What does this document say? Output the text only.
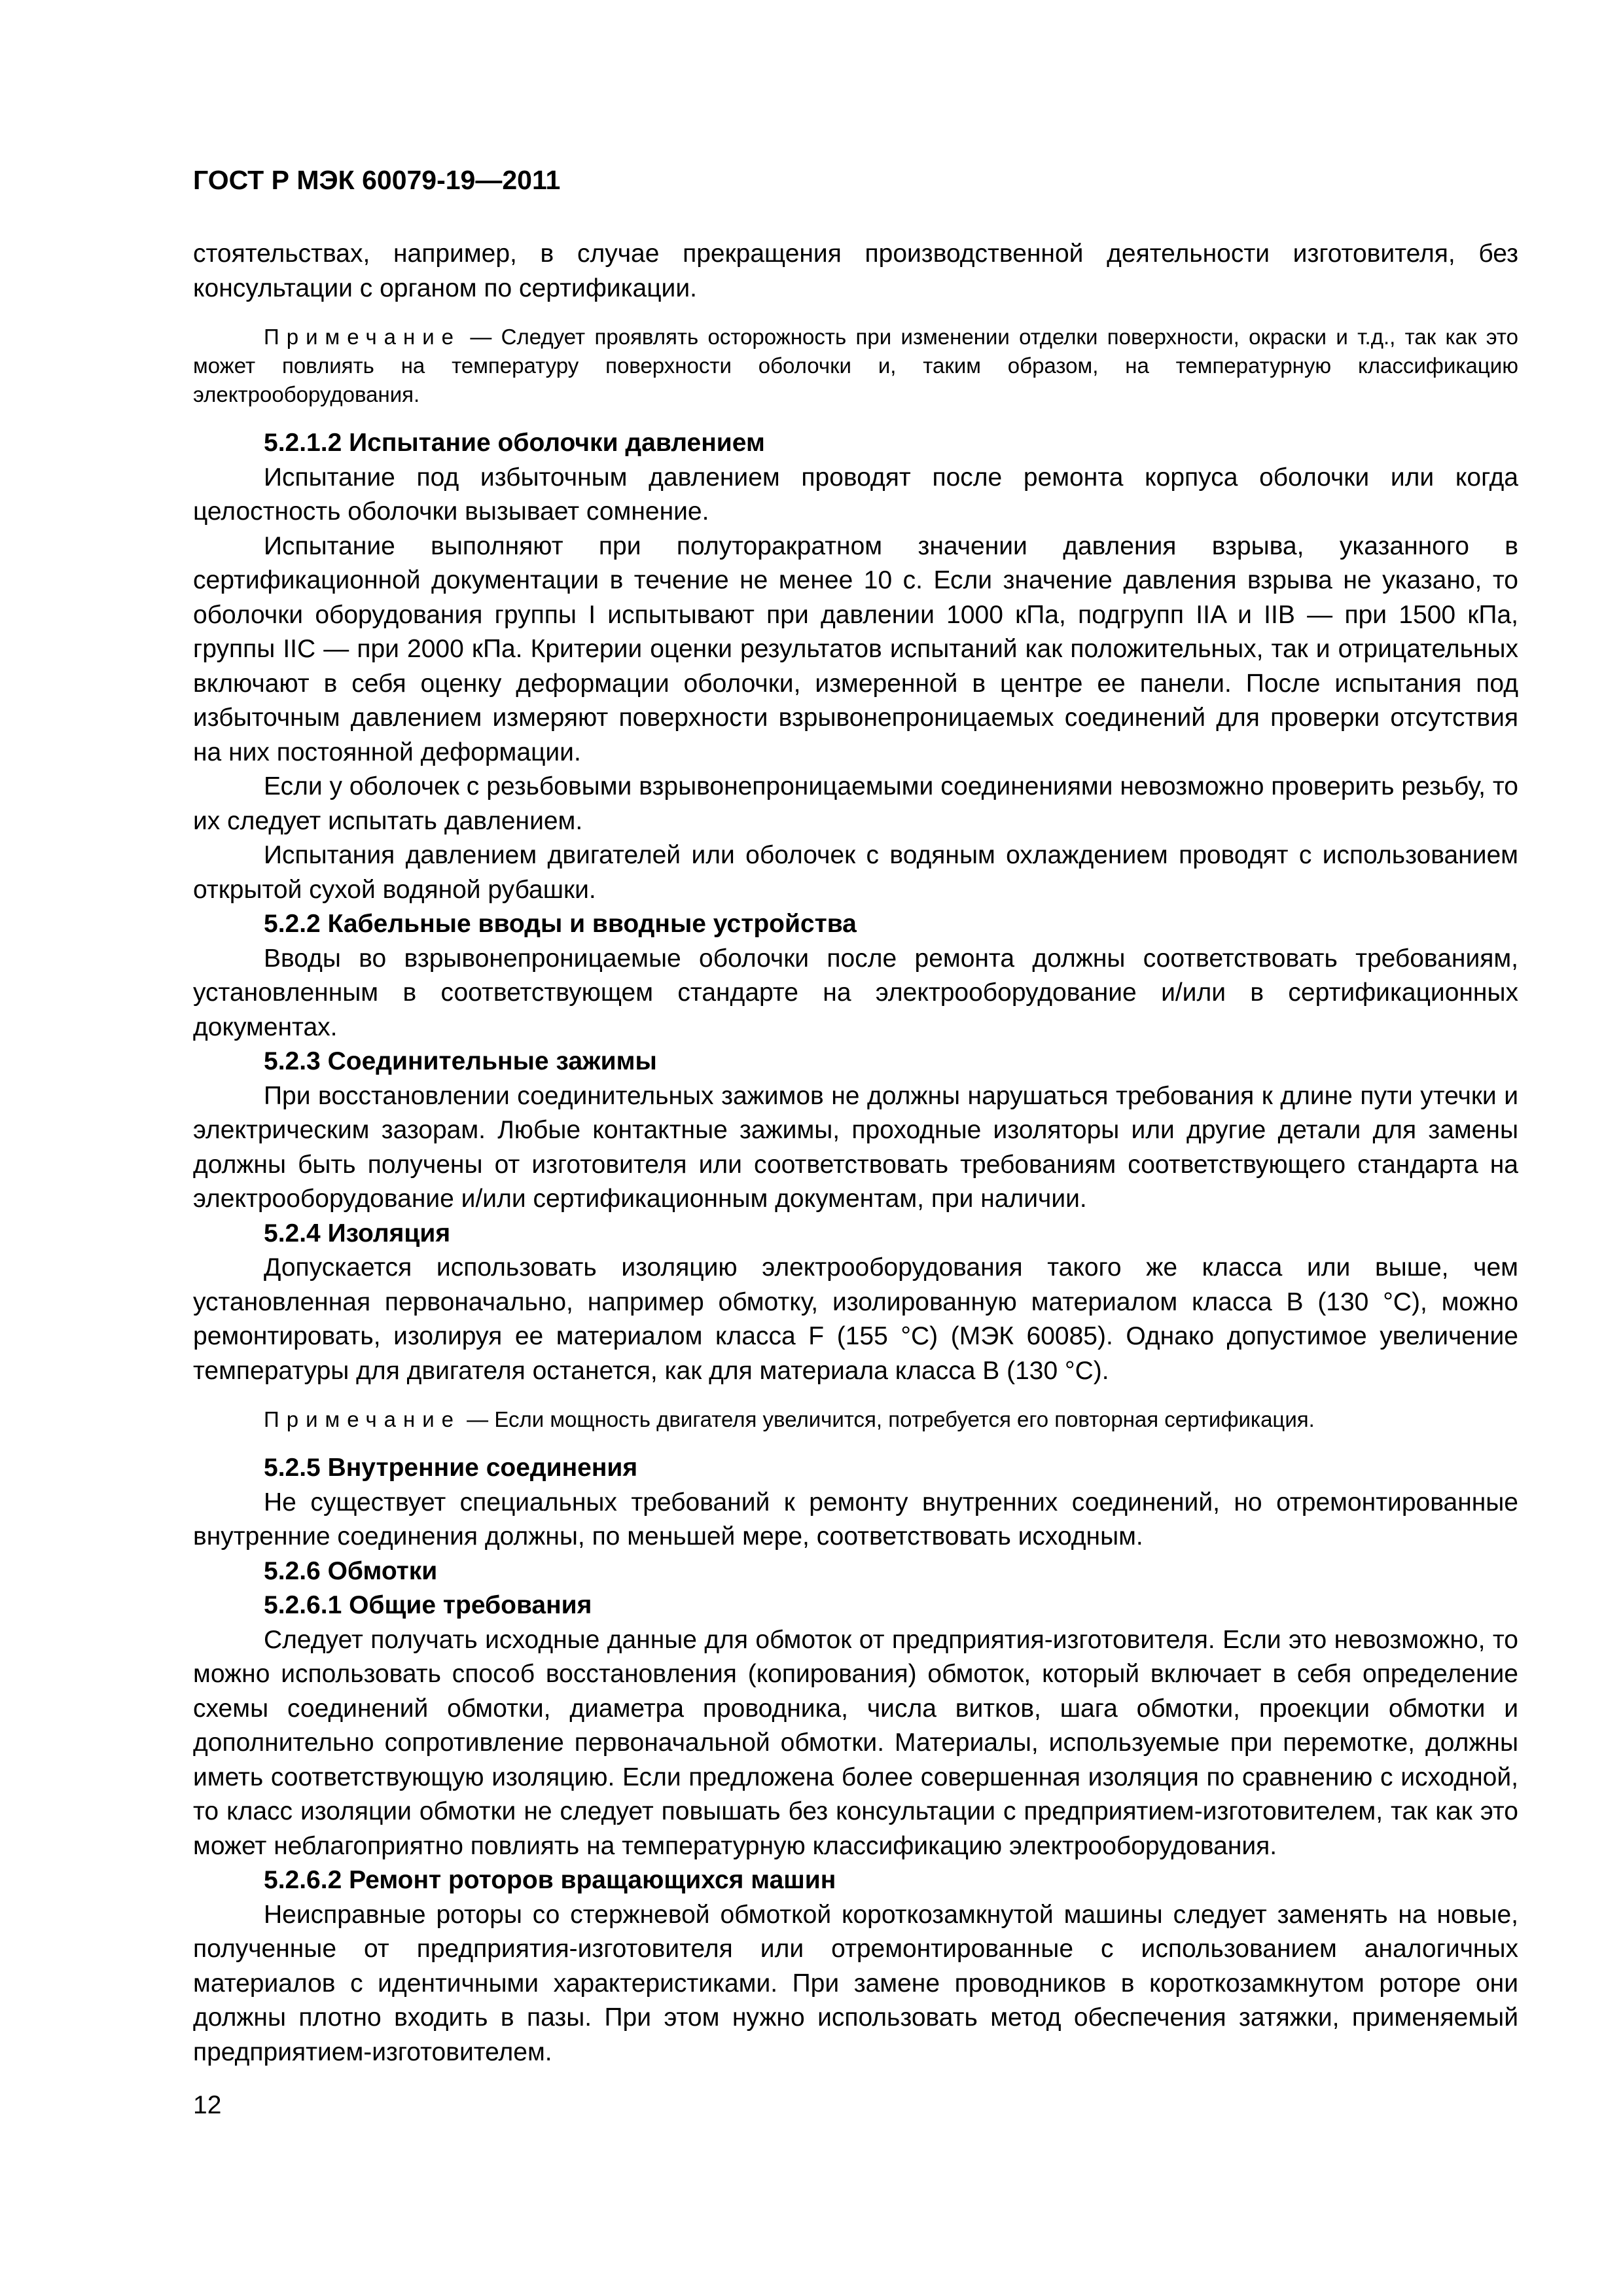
ГОСТ Р МЭК 60079-19—2011

стоятельствах, например, в случае прекращения производственной деятельности изготовителя, без консультации с органом по сертификации.

Примечание — Следует проявлять осторожность при изменении отделки поверхности, окраски и т.д., так как это может повлиять на температуру поверхности оболочки и, таким образом, на температурную классификацию электрооборудования.

5.2.1.2 Испытание оболочки давлением

Испытание под избыточным давлением проводят после ремонта корпуса оболочки или когда целостность оболочки вызывает сомнение.

Испытание выполняют при полуторакратном значении давления взрыва, указанного в сертификационной документации в течение не менее 10 с. Если значение давления взрыва не указано, то оболочки оборудования группы I испытывают при давлении 1000 кПа, подгрупп IIA и IIB — при 1500 кПа, группы IIC — при 2000 кПа. Критерии оценки результатов испытаний как положительных, так и отрицательных включают в себя оценку деформации оболочки, измеренной в центре ее панели. После испытания под избыточным давлением измеряют поверхности взрывонепроницаемых соединений для проверки отсутствия на них постоянной деформации.

Если у оболочек с резьбовыми взрывонепроницаемыми соединениями невозможно проверить резьбу, то их следует испытать давлением.

Испытания давлением двигателей или оболочек с водяным охлаждением проводят с использованием открытой сухой водяной рубашки.

5.2.2 Кабельные вводы и вводные устройства

Вводы во взрывонепроницаемые оболочки после ремонта должны соответствовать требованиям, установленным в соответствующем стандарте на электрооборудование и/или в сертификационных документах.

5.2.3 Соединительные зажимы

При восстановлении соединительных зажимов не должны нарушаться требования к длине пути утечки и электрическим зазорам. Любые контактные зажимы, проходные изоляторы или другие детали для замены должны быть получены от изготовителя или соответствовать требованиям соответствующего стандарта на электрооборудование и/или сертификационным документам, при наличии.

5.2.4 Изоляция

Допускается использовать изоляцию электрооборудования такого же класса или выше, чем установленная первоначально, например обмотку, изолированную материалом класса В (130 °С), можно ремонтировать, изолируя ее материалом класса F (155 °С) (МЭК 60085). Однако допустимое увеличение температуры для двигателя останется, как для материала класса В (130 °С).

Примечание — Если мощность двигателя увеличится, потребуется его повторная сертификация.

5.2.5 Внутренние соединения

Не существует специальных требований к ремонту внутренних соединений, но отремонтированные внутренние соединения должны, по меньшей мере, соответствовать исходным.

5.2.6 Обмотки
5.2.6.1 Общие требования

Следует получать исходные данные для обмоток от предприятия-изготовителя. Если это невозможно, то можно использовать способ восстановления (копирования) обмоток, который включает в себя определение схемы соединений обмотки, диаметра проводника, числа витков, шага обмотки, проекции обмотки и дополнительно сопротивление первоначальной обмотки. Материалы, используемые при перемотке, должны иметь соответствующую изоляцию. Если предложена более совершенная изоляция по сравнению с исходной, то класс изоляции обмотки не следует повышать без консультации с предприятием-изготовителем, так как это может неблагоприятно повлиять на температурную классификацию электрооборудования.

5.2.6.2 Ремонт роторов вращающихся машин

Неисправные роторы со стержневой обмоткой короткозамкнутой машины следует заменять на новые, полученные от предприятия-изготовителя или отремонтированные с использованием аналогичных материалов с идентичными характеристиками. При замене проводников в короткозамкнутом роторе они должны плотно входить в пазы. При этом нужно использовать метод обеспечения затяжки, применяемый предприятием-изготовителем.

12
